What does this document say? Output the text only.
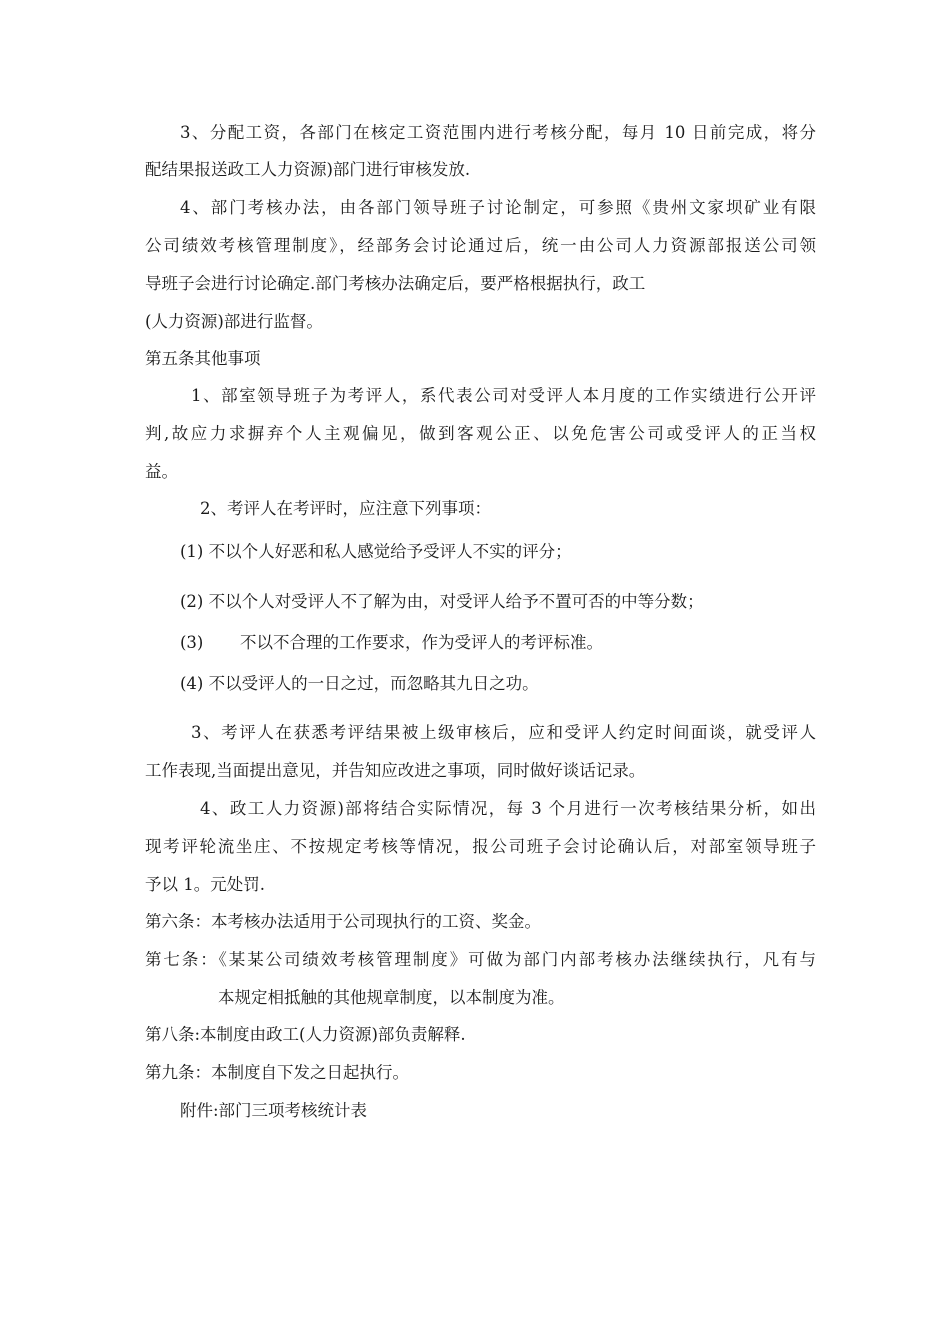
3、分配工资，各部门在核定工资范围内进行考核分配，每月 10 日前完成，将分
配结果报送政工人力资源)部门进行审核发放.
4、部门考核办法，由各部门领导班子讨论制定，可参照《贵州文家坝矿业有限
公司绩效考核管理制度》，经部务会讨论通过后，统一由公司人力资源部报送公司领
导班子会进行讨论确定.部门考核办法确定后，要严格根据执行，政工
(人力资源)部进行监督。
第五条其他事项
1、部室领导班子为考评人，系代表公司对受评人本月度的工作实绩进行公开评
判,故应力求摒弃个人主观偏见，做到客观公正、以免危害公司或受评人的正当权
益。
2、考评人在考评时，应注意下列事项：
(1) 不以个人好恶和私人感觉给予受评人不实的评分；
(2) 不以个人对受评人不了解为由，对受评人给予不置可否的中等分数；
(3)	不以不合理的工作要求，作为受评人的考评标准。
(4) 不以受评人的一日之过，而忽略其九日之功。
3、考评人在获悉考评结果被上级审核后，应和受评人约定时间面谈，就受评人
工作表现,当面提出意见，并告知应改进之事项，同时做好谈话记录。
4、政工人力资源)部将结合实际情况，每 3 个月进行一次考核结果分析，如出
现考评轮流坐庄、不按规定考核等情况，报公司班子会讨论确认后，对部室领导班子
予以 1。元处罚.
第六条：本考核办法适用于公司现执行的工资、奖金。
第七条：《某某公司绩效考核管理制度》可做为部门内部考核办法继续执行，凡有与
本规定相抵触的其他规章制度，以本制度为准。
第八条:本制度由政工(人力资源)部负责解释.
第九条：本制度自下发之日起执行。
附件:部门三项考核统计表
